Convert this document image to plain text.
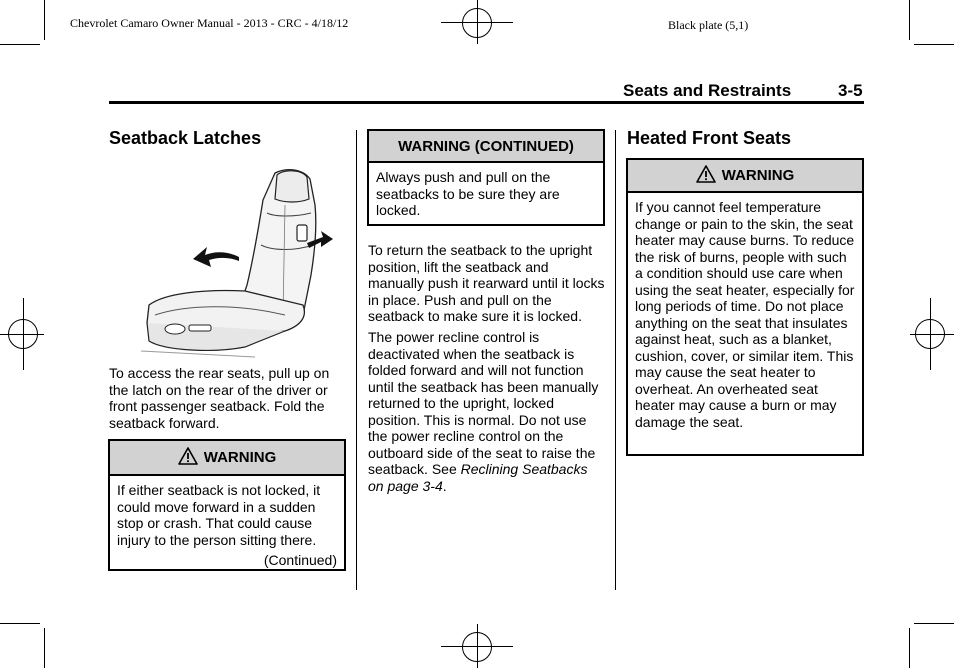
Chevrolet Camaro Owner Manual - 2013 - CRC - 4/18/12	Black plate (5,1)
Seats and Restraints	3-5
Seatback Latches

To access the rear seats, pull up on the latch on the rear of the driver or front passenger seatback. Fold the seatback forward.

WARNING
If either seatback is not locked, it could move forward in a sudden stop or crash. That could cause injury to the person sitting there.
(Continued)
WARNING (CONTINUED)
Always push and pull on the seatbacks to be sure they are locked.

To return the seatback to the upright position, lift the seatback and manually push it rearward until it locks in place. Push and pull on the seatback to make sure it is locked.

The power recline control is deactivated when the seatback is folded forward and will not function until the seatback has been manually returned to the upright, locked position. This is normal. Do not use the power recline control on the outboard side of the seat to raise the seatback. See Reclining Seatbacks on page 3-4.

Heated Front Seats
WARNING
If you cannot feel temperature change or pain to the skin, the seat heater may cause burns. To reduce the risk of burns, people with such a condition should use care when using the seat heater, especially for long periods of time. Do not place anything on the seat that insulates against heat, such as a blanket, cushion, cover, or similar item. This may cause the seat heater to overheat. An overheated seat heater may cause a burn or may damage the seat.
